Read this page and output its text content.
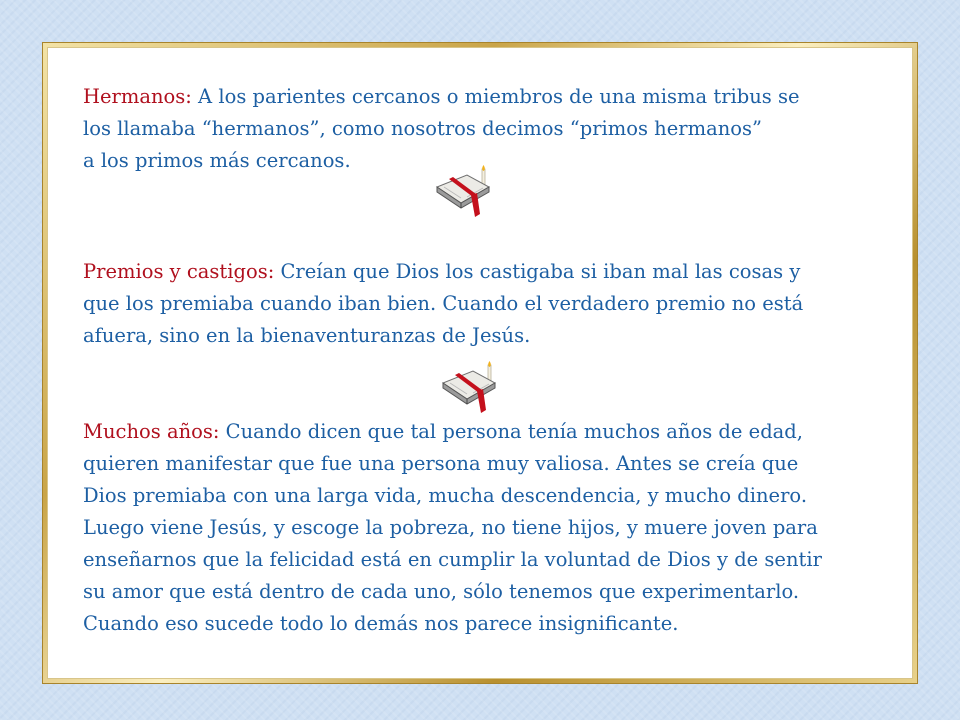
Hermanos: A los parientes cercanos o miembros de una misma tribus se
los llamaba “hermanos”, como nosotros decimos “primos hermanos”
a los primos más cercanos.
Premios y castigos: Creían que Dios los castigaba si iban mal las cosas y
que los premiaba cuando iban bien. Cuando el verdadero premio no está
afuera, sino en la bienaventuranzas de Jesús.
Muchos años: Cuando dicen que tal persona tenía muchos años de edad,
quieren manifestar que fue una persona muy valiosa. Antes se creía que
Dios premiaba con una larga vida, mucha descendencia, y mucho dinero.
Luego viene Jesús, y escoge la pobreza, no tiene hijos, y muere joven para
enseñarnos que la felicidad está en cumplir la voluntad de Dios y de sentir
su amor que está dentro de cada uno, sólo tenemos que experimentarlo.
Cuando eso sucede todo lo demás nos parece insignificante.
